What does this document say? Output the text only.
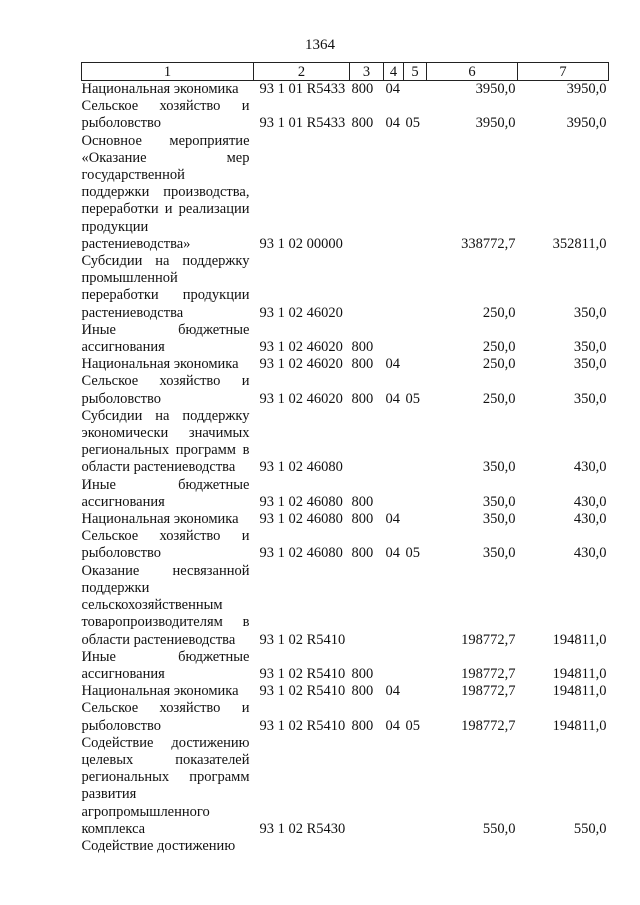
1364
1	2	3	4	5	6	7
Национальная экономика	93 1 01 R5433	800	04		3950,0	3950,0
Сельское хозяйство и рыболовство	93 1 01 R5433	800	04	05	3950,0	3950,0
Основное мероприятие «Оказание мер государственной поддержки производства, переработки и реализации продукции растениеводства»	93 1 02 00000				338772,7	352811,0
Субсидии на поддержку промышленной переработки продукции растениеводства	93 1 02 46020				250,0	350,0
Иные бюджетные ассигнования	93 1 02 46020	800			250,0	350,0
Национальная экономика	93 1 02 46020	800	04		250,0	350,0
Сельское хозяйство и рыболовство	93 1 02 46020	800	04	05	250,0	350,0
Субсидии на поддержку экономически значимых региональных программ в области растениеводства	93 1 02 46080				350,0	430,0
Иные бюджетные ассигнования	93 1 02 46080	800			350,0	430,0
Национальная экономика	93 1 02 46080	800	04		350,0	430,0
Сельское хозяйство и рыболовство	93 1 02 46080	800	04	05	350,0	430,0
Оказание несвязанной поддержки сельскохозяйственным товаропроизводителям в области растениеводства	93 1 02 R5410				198772,7	194811,0
Иные бюджетные ассигнования	93 1 02 R5410	800			198772,7	194811,0
Национальная экономика	93 1 02 R5410	800	04		198772,7	194811,0
Сельское хозяйство и рыболовство	93 1 02 R5410	800	04	05	198772,7	194811,0
Содействие достижению целевых показателей региональных программ развития агропромышленного комплекса	93 1 02 R5430				550,0	550,0
Содействие достижению						
